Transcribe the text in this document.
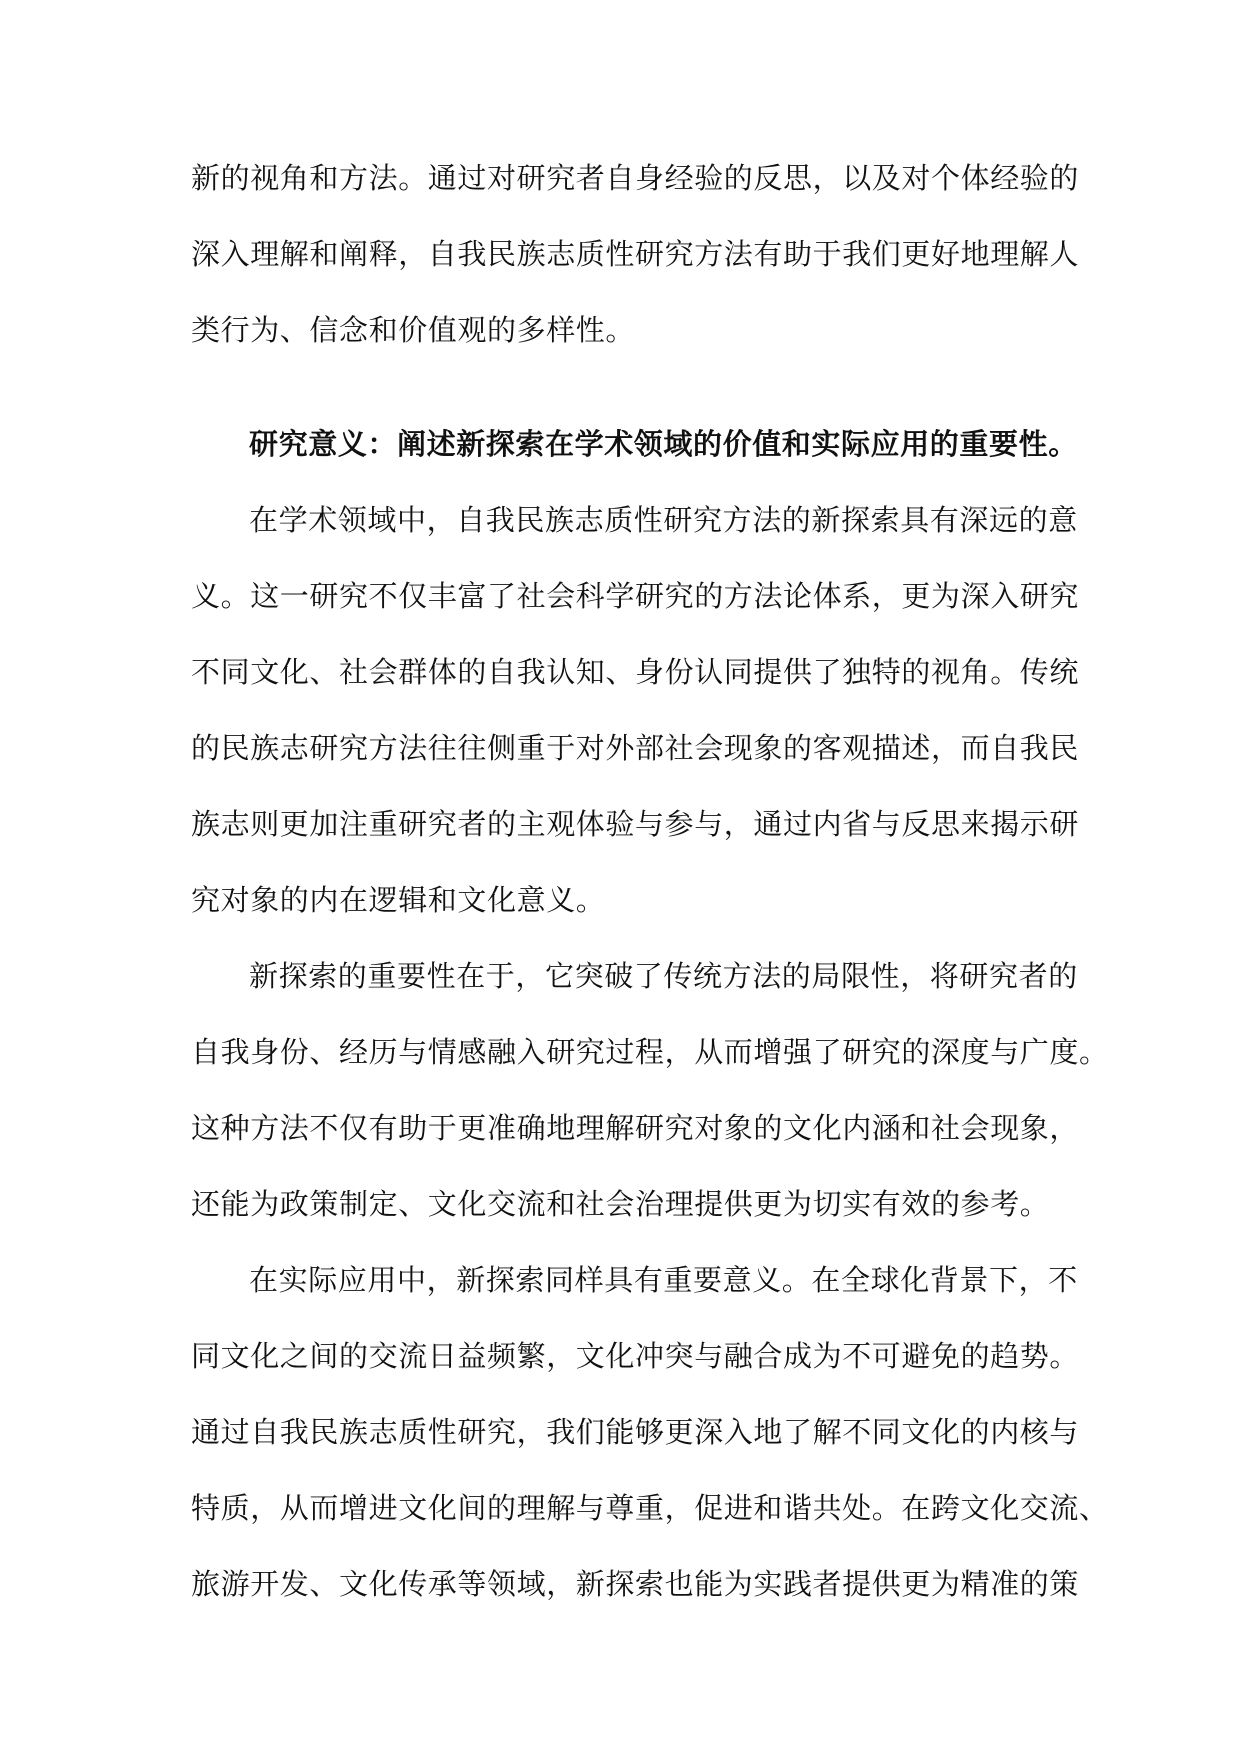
新的视角和方法。通过对研究者自身经验的反思，以及对个体经验的
深入理解和阐释，自我民族志质性研究方法有助于我们更好地理解人
类行为、信念和价值观的多样性。
研究意义：阐述新探索在学术领域的价值和实际应用的重要性。
在学术领域中，自我民族志质性研究方法的新探索具有深远的意
义。这一研究不仅丰富了社会科学研究的方法论体系，更为深入研究
不同文化、社会群体的自我认知、身份认同提供了独特的视角。传统
的民族志研究方法往往侧重于对外部社会现象的客观描述，而自我民
族志则更加注重研究者的主观体验与参与，通过内省与反思来揭示研
究对象的内在逻辑和文化意义。
新探索的重要性在于，它突破了传统方法的局限性，将研究者的
自我身份、经历与情感融入研究过程，从而增强了研究的深度与广度。
这种方法不仅有助于更准确地理解研究对象的文化内涵和社会现象，
还能为政策制定、文化交流和社会治理提供更为切实有效的参考。
在实际应用中，新探索同样具有重要意义。在全球化背景下，不
同文化之间的交流日益频繁，文化冲突与融合成为不可避免的趋势。
通过自我民族志质性研究，我们能够更深入地了解不同文化的内核与
特质，从而增进文化间的理解与尊重，促进和谐共处。在跨文化交流、
旅游开发、文化传承等领域，新探索也能为实践者提供更为精准的策
